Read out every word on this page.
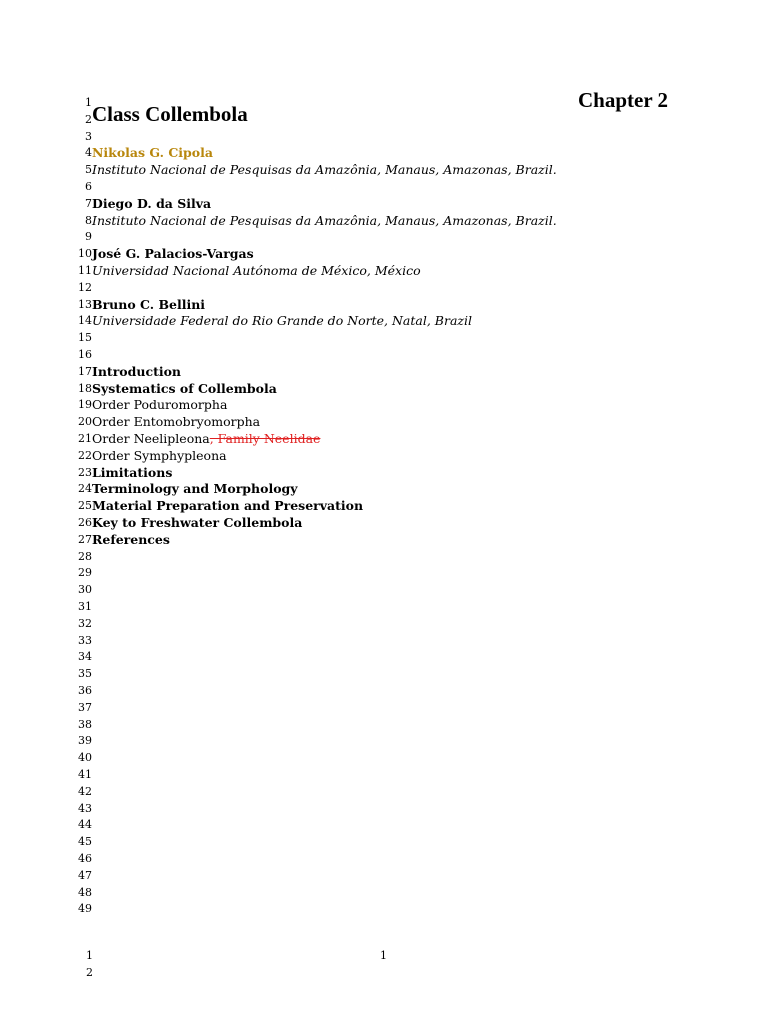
Chapter 2
1
2 Class Collembola
3
4 Nikolas G. Cipola
5 Instituto Nacional de Pesquisas da Amazônia, Manaus, Amazonas, Brazil.
6
7 Diego D. da Silva
8 Instituto Nacional de Pesquisas da Amazônia, Manaus, Amazonas, Brazil.
9
10 José G. Palacios-Vargas
11 Universidad Nacional Autónoma de México, México
12
13 Bruno C. Bellini
14 Universidade Federal do Rio Grande do Norte, Natal, Brazil
15
16
17 Introduction
18 Systematics of Collembola
19 Order Poduromorpha
20 Order Entomobryomorpha
21 Order Neelipleona, Family Neelidae
22 Order Symphypleona
23 Limitations
24 Terminology and Morphology
25 Material Preparation and Preservation
26 Key to Freshwater Collembola
27 References
28
29
30
31
32
33
34
35
36
37
38
39
40
41
42
43
44
45
46
47
48
49
1
2
1
